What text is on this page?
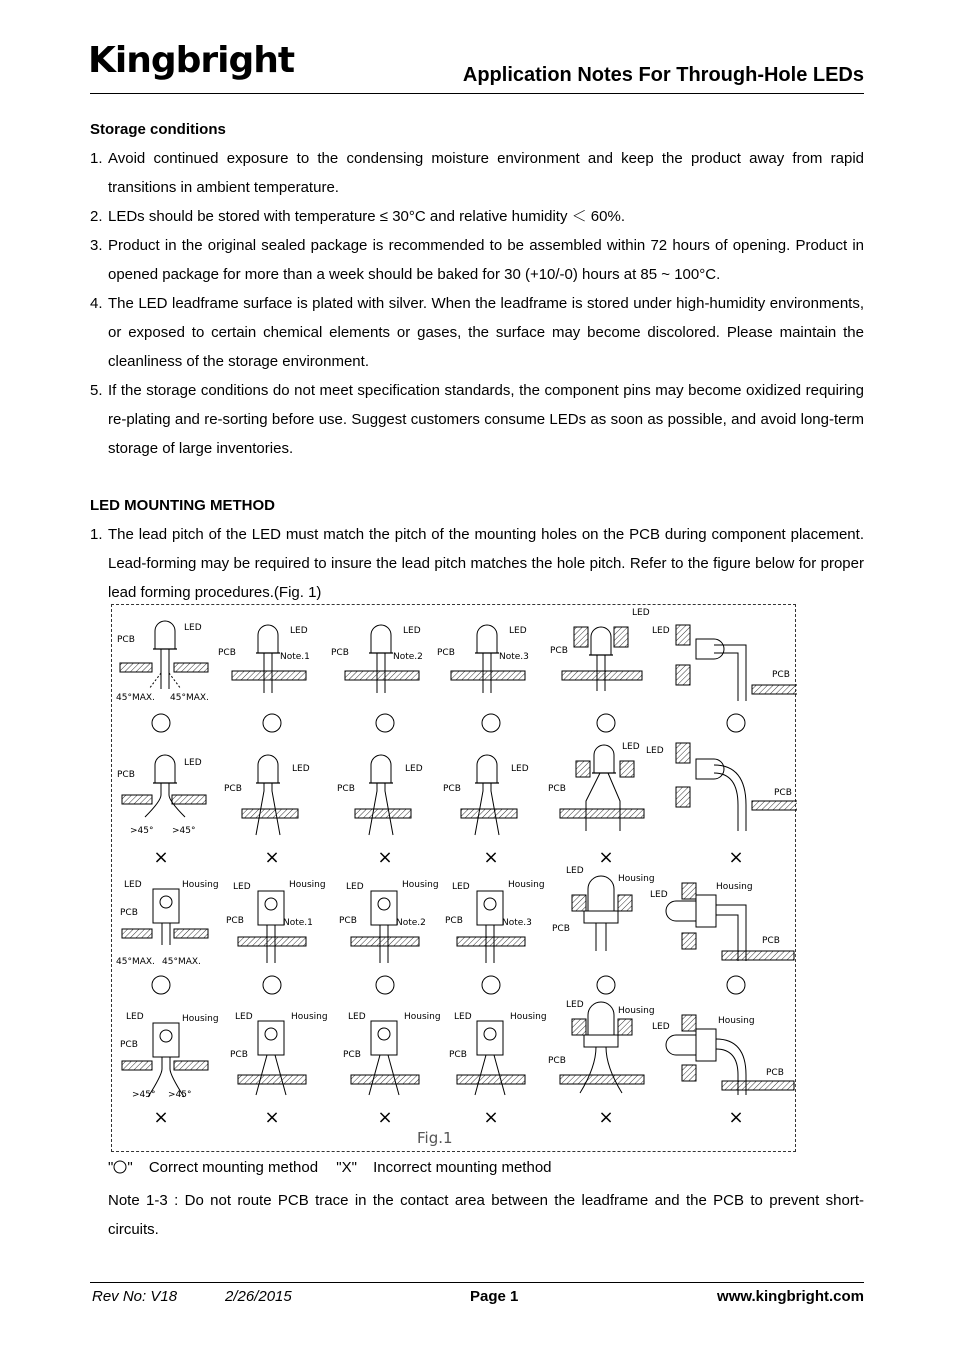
Kingbright	Application Notes For Through-Hole LEDs
Storage conditions
1. Avoid continued exposure to the condensing moisture environment and keep the product away from rapid transitions in ambient temperature.
2. LEDs should be stored with temperature ≤ 30°C and relative humidity ＜ 60%.
3. Product in the original sealed package is recommended to be assembled within 72 hours of opening. Product in opened package for more than a week should be baked for 30 (+10/-0) hours at 85 ~ 100°C.
4. The LED leadframe surface is plated with silver. When the leadframe is stored under high-humidity environments, or exposed to certain chemical elements or gases, the surface may become discolored. Please maintain the cleanliness of the storage environment.
5. If the storage conditions do not meet specification standards, the component pins may become oxidized requiring re-plating and re-sorting before use. Suggest customers consume LEDs as soon as possible, and avoid long-term storage of large inventories.
LED MOUNTING METHOD
1. The lead pitch of the LED must match the pitch of the mounting holes on the PCB during component placement. Lead-forming may be required to insure the lead pitch matches the hole pitch. Refer to the figure below for proper lead forming procedures.(Fig. 1)
LED
PCB
45°MAX. 45°MAX.
LED
PCB	Note.1
LED
PCB	Note.2
LED
PCB	Note.3
LED
PCB
LED
PCB
LED
PCB
>45° >45°
LED
PCB
LED
PCB
LED
PCB
LED
PCB
LED
PCB
×	×	×	×	×	×
LED	Housing
PCB
45°MAX. 45°MAX.
LED	Housing
PCB	Note.1
LED	Housing
PCB	Note.2
LED	Housing
PCB	Note.3
LED
Housing
PCB
LED
Housing
PCB
LED	Housing
PCB
>45° >45°
LED	Housing
PCB
LED	Housing
PCB
LED	Housing
PCB
LED
Housing
PCB
LED
Housing
PCB
×	×	×	×	×	×
Fig.1
" " Correct mounting method "X" Incorrect mounting method
Note 1-3 : Do not route PCB trace in the contact area between the leadframe and the PCB to prevent short-circuits.
Rev No: V18	2/26/2015	Page 1	www.kingbright.com
